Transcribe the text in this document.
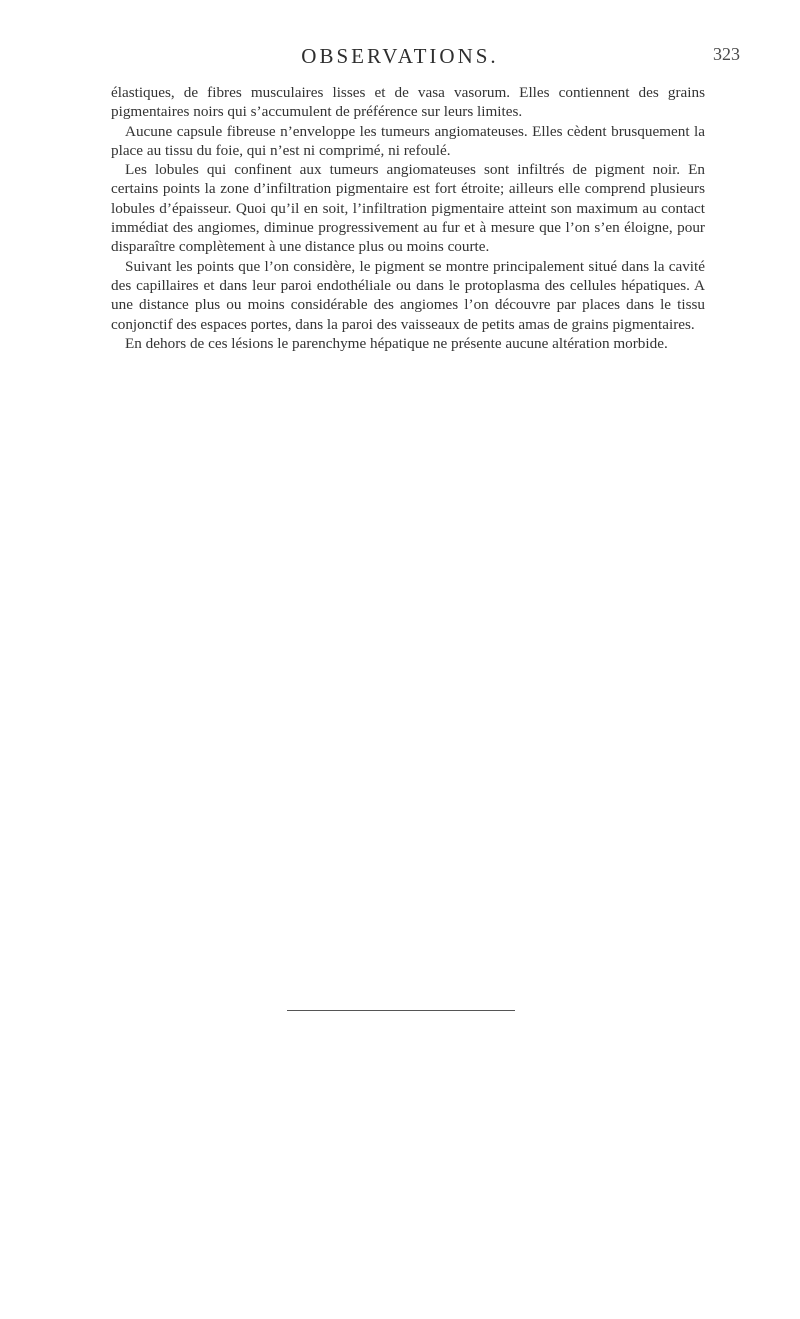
OBSERVATIONS.	323

élastiques, de fibres musculaires lisses et de vasa vasorum. Elles contiennent des grains pigmentaires noirs qui s’accumulent de préférence sur leurs limites.

Aucune capsule fibreuse n’enveloppe les tumeurs angiomateuses. Elles cèdent brusquement la place au tissu du foie, qui n’est ni comprimé, ni refoulé.

Les lobules qui confinent aux tumeurs angiomateuses sont infiltrés de pigment noir. En certains points la zone d’infiltration pigmentaire est fort étroite; ailleurs elle comprend plusieurs lobules d’épaisseur. Quoi qu’il en soit, l’infiltration pigmentaire atteint son maximum au contact immédiat des angiomes, diminue progressivement au fur et à mesure que l’on s’en éloigne, pour disparaître complètement à une distance plus ou moins courte.

Suivant les points que l’on considère, le pigment se montre principalement situé dans la cavité des capillaires et dans leur paroi endothéliale ou dans le protoplasma des cellules hépatiques. A une distance plus ou moins considérable des angiomes l’on découvre par places dans le tissu conjonctif des espaces portes, dans la paroi des vaisseaux de petits amas de grains pigmentaires.

En dehors de ces lésions le parenchyme hépatique ne présente aucune altération morbide.
